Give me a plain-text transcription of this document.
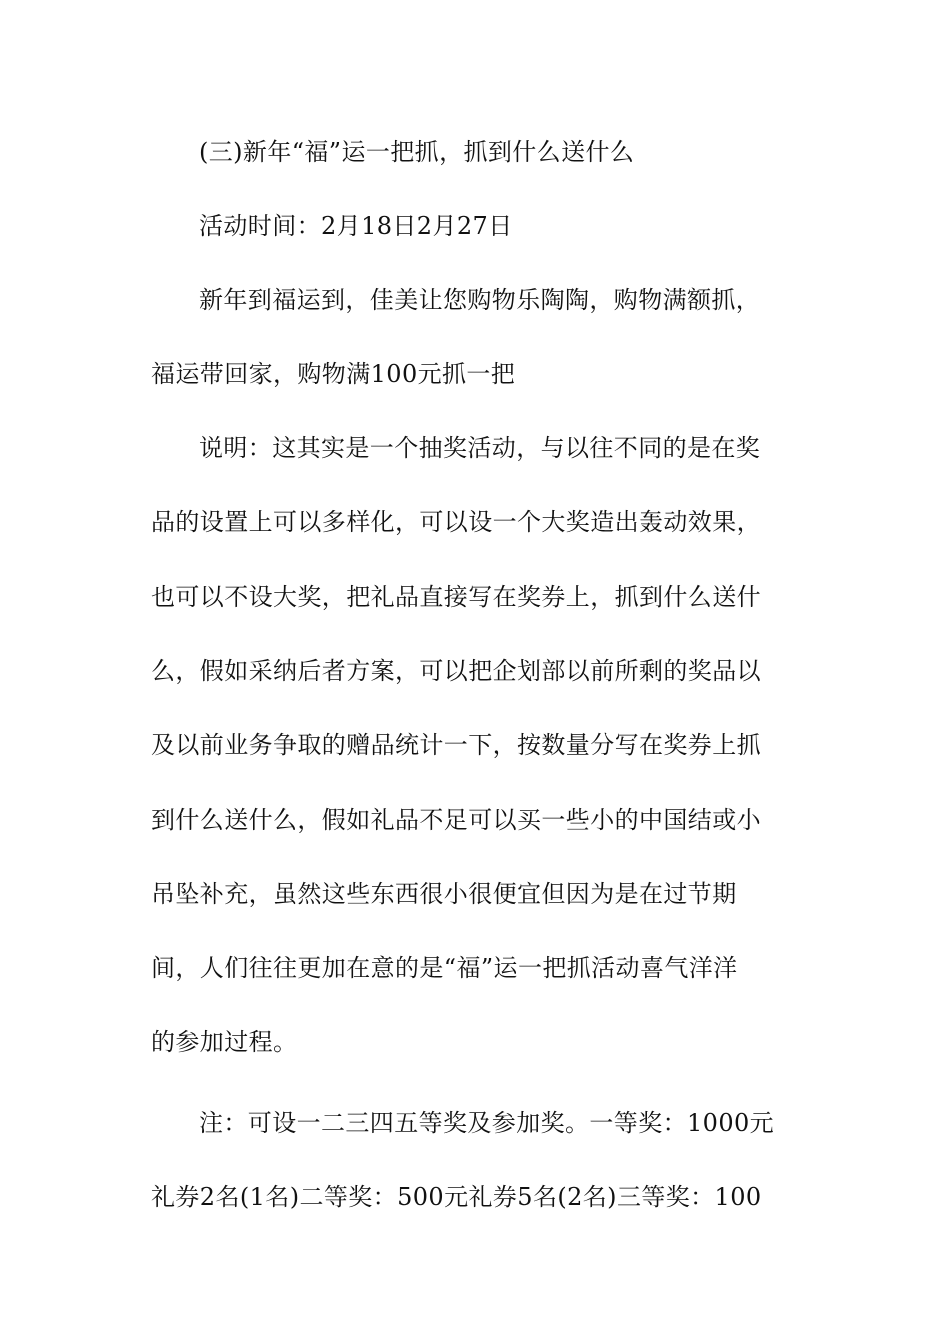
(三)新年“福”运一把抓，抓到什么送什么
活动时间：2月18日2月27日
新年到福运到，佳美让您购物乐陶陶，购物满额抓，
福运带回家，购物满100元抓一把
说明：这其实是一个抽奖活动，与以往不同的是在奖
品的设置上可以多样化，可以设一个大奖造出轰动效果，
也可以不设大奖，把礼品直接写在奖券上，抓到什么送什
么，假如采纳后者方案，可以把企划部以前所剩的奖品以
及以前业务争取的赠品统计一下，按数量分写在奖券上抓
到什么送什么，假如礼品不足可以买一些小的中国结或小
吊坠补充，虽然这些东西很小很便宜但因为是在过节期
间，人们往往更加在意的是“福”运一把抓活动喜气洋洋
的参加过程。
注：可设一二三四五等奖及参加奖。一等奖：1000元
礼券2名(1名)二等奖：500元礼券5名(2名)三等奖：100
